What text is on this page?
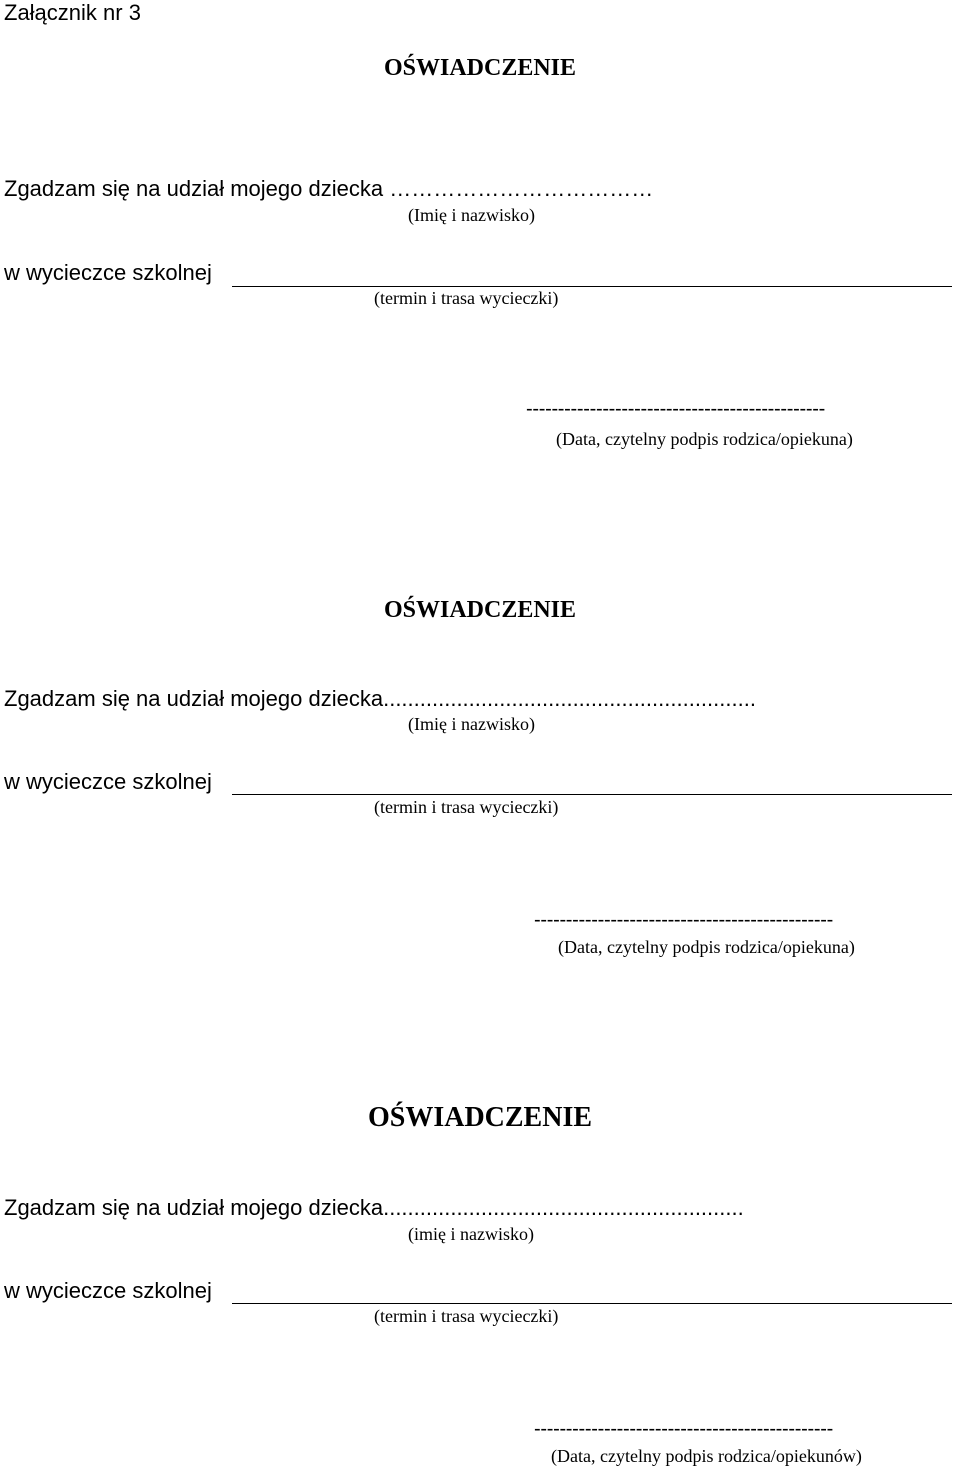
Załącznik nr 3
OŚWIADCZENIE
Zgadzam się na udział mojego dziecka ………………………………
(Imię i nazwisko)
w wycieczce szkolnej
(termin i trasa wycieczki)
-----------------------------------------------
(Data, czytelny podpis rodzica/opiekuna)
OŚWIADCZENIE
Zgadzam się na udział mojego dziecka.............................................................
(Imię i nazwisko)
w wycieczce szkolnej
(termin i trasa wycieczki)
-----------------------------------------------
(Data, czytelny podpis rodzica/opiekuna)
OŚWIADCZENIE
Zgadzam się na udział mojego dziecka...........................................................
(imię i nazwisko)
w wycieczce szkolnej
(termin i trasa wycieczki)
-----------------------------------------------
(Data, czytelny podpis rodzica/opiekunów)
